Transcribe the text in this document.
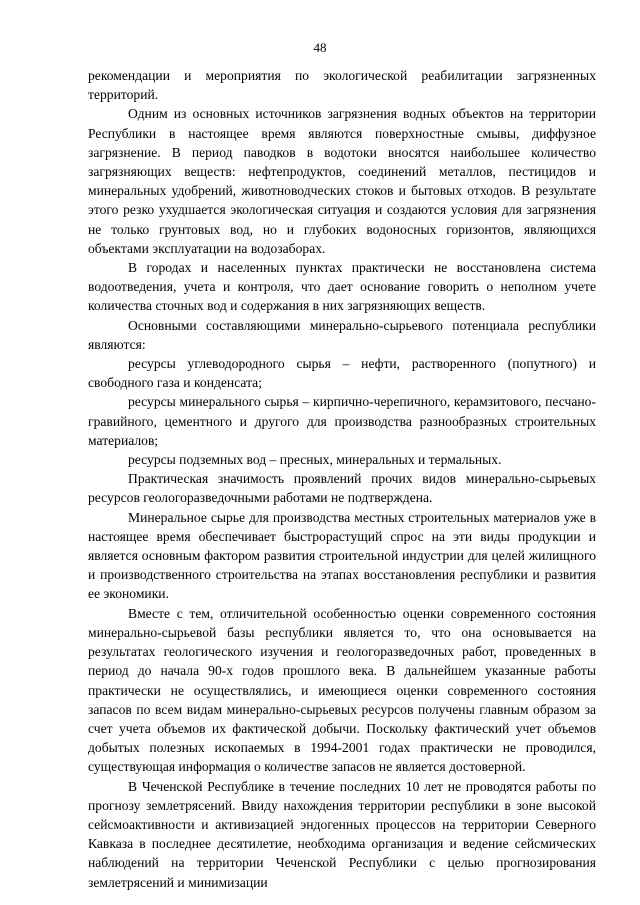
48

рекомендации и мероприятия по экологической реабилитации загрязненных территорий.

Одним из основных источников загрязнения водных объектов на территории Республики в настоящее время являются поверхностные смывы, диффузное загрязнение. В период паводков в водотоки вносятся наибольшее количество загрязняющих веществ: нефтепродуктов, соединений металлов, пестицидов и минеральных удобрений, животноводческих стоков и бытовых отходов. В результате этого резко ухудшается экологическая ситуация и создаются условия для загрязнения не только грунтовых вод, но и глубоких водоносных горизонтов, являющихся объектами эксплуатации на водозаборах.

В городах и населенных пунктах практически не восстановлена система водоотведения, учета и контроля, что дает основание говорить о неполном учете количества сточных вод и содержания в них загрязняющих веществ.

Основными составляющими минерально-сырьевого потенциала республики являются:

ресурсы углеводородного сырья – нефти, растворенного (попутного) и свободного газа и конденсата;

ресурсы минерального сырья – кирпично-черепичного, керамзитового, песчано-гравийного, цементного и другого для производства разнообразных строительных материалов;

ресурсы подземных вод – пресных, минеральных и термальных.

Практическая значимость проявлений прочих видов минерально-сырьевых ресурсов геологоразведочными работами не подтверждена.

Минеральное сырье для производства местных строительных материалов уже в настоящее время обеспечивает быстрорастущий спрос на эти виды продукции и является основным фактором развития строительной индустрии для целей жилищного и производственного строительства на этапах восстановления республики и развития ее экономики.

Вместе с тем, отличительной особенностью оценки современного состояния минерально-сырьевой базы республики является то, что она основывается на результатах геологического изучения и геологоразведочных работ, проведенных в период до начала 90-х годов прошлого века. В дальнейшем указанные работы практически не осуществлялись, и имеющиеся оценки современного состояния запасов по всем видам минерально-сырьевых ресурсов получены главным образом за счет учета объемов их фактической добычи. Поскольку фактический учет объемов добытых полезных ископаемых в 1994-2001 годах практически не проводился, существующая информация о количестве запасов не является достоверной.

В Чеченской Республике в течение последних 10 лет не проводятся работы по прогнозу землетрясений. Ввиду нахождения территории республики в зоне высокой сейсмоактивности и активизацией эндогенных процессов на территории Северного Кавказа в последнее десятилетие, необходима организация и ведение сейсмических наблюдений на территории Чеченской Республики с целью прогнозирования землетрясений и минимизации
